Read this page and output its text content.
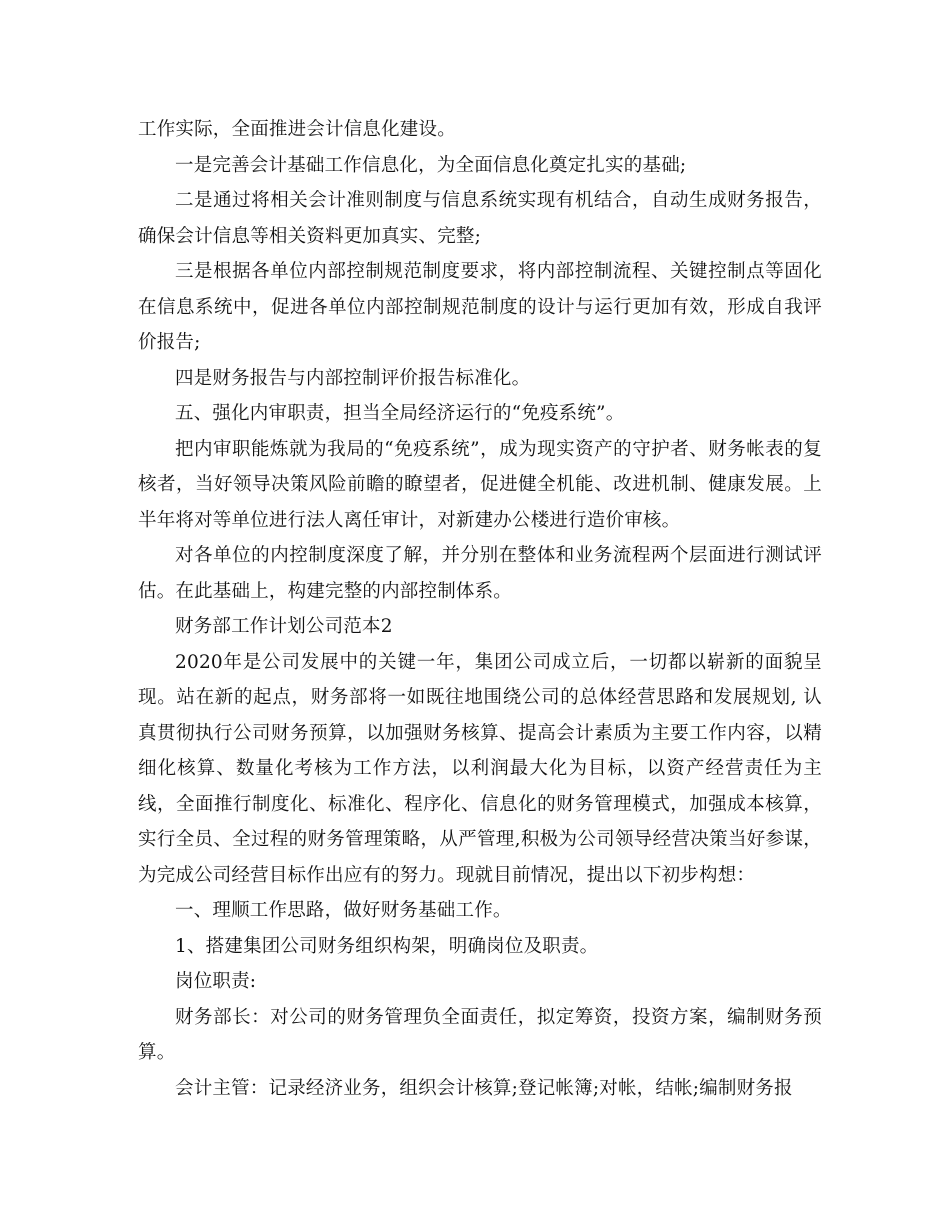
工作实际，全面推进会计信息化建设。

一是完善会计基础工作信息化，为全面信息化奠定扎实的基础;

二是通过将相关会计准则制度与信息系统实现有机结合，自动生成财务报告，确保会计信息等相关资料更加真实、完整;

三是根据各单位内部控制规范制度要求，将内部控制流程、关键控制点等固化在信息系统中，促进各单位内部控制规范制度的设计与运行更加有效，形成自我评价报告;

四是财务报告与内部控制评价报告标准化。

五、强化内审职责，担当全局经济运行的“免疫系统”。

把内审职能炼就为我局的“免疫系统”，成为现实资产的守护者、财务帐表的复核者，当好领导决策风险前瞻的瞭望者，促进健全机能、改进机制、健康发展。上半年将对等单位进行法人离任审计，对新建办公楼进行造价审核。

对各单位的内控制度深度了解，并分别在整体和业务流程两个层面进行测试评估。在此基础上，构建完整的内部控制体系。

财务部工作计划公司范本2

2020年是公司发展中的关键一年，集团公司成立后，一切都以崭新的面貌呈现。站在新的起点，财务部将一如既往地围绕公司的总体经营思路和发展规划, 认真贯彻执行公司财务预算，以加强财务核算、提高会计素质为主要工作内容，以精细化核算、数量化考核为工作方法，以利润最大化为目标，以资产经营责任为主线，全面推行制度化、标准化、程序化、信息化的财务管理模式，加强成本核算，实行全员、全过程的财务管理策略，从严管理,积极为公司领导经营决策当好参谋，为完成公司经营目标作出应有的努力。现就目前情况，提出以下初步构想：

一、理顺工作思路，做好财务基础工作。

1、搭建集团公司财务组织构架，明确岗位及职责。

岗位职责:

财务部长：对公司的财务管理负全面责任，拟定筹资，投资方案，编制财务预算。

会计主管：记录经济业务，组织会计核算;登记帐簿;对帐，结帐;编制财务报
